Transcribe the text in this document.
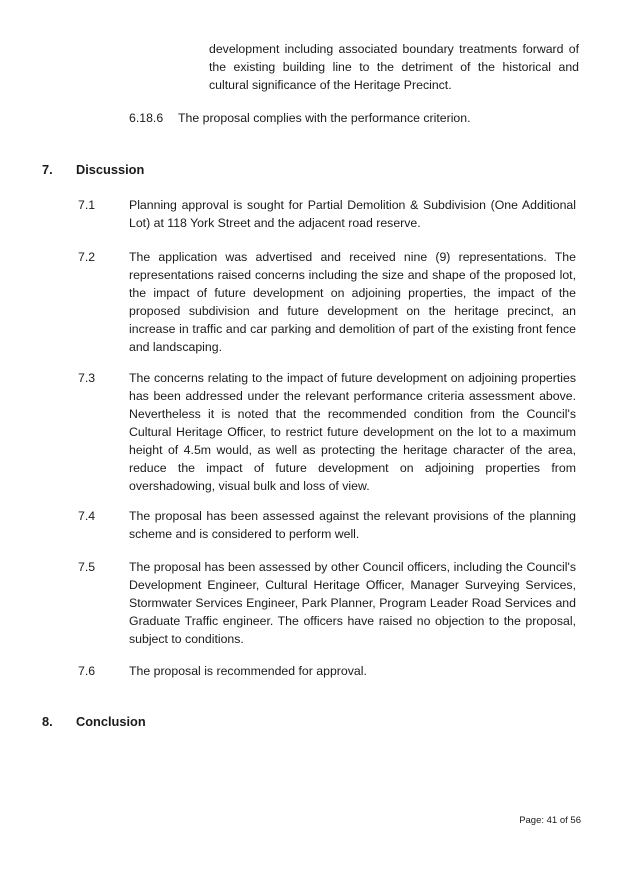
development including associated boundary treatments forward of the existing building line to the detriment of the historical and cultural significance of the Heritage Precinct.
6.18.6 The proposal complies with the performance criterion.
7. Discussion
7.1	Planning approval is sought for Partial Demolition & Subdivision (One Additional Lot) at 118 York Street and the adjacent road reserve.
7.2	The application was advertised and received nine (9) representations. The representations raised concerns including the size and shape of the proposed lot, the impact of future development on adjoining properties, the impact of the proposed subdivision and future development on the heritage precinct, an increase in traffic and car parking and demolition of part of the existing front fence and landscaping.
7.3	The concerns relating to the impact of future development on adjoining properties has been addressed under the relevant performance criteria assessment above. Nevertheless it is noted that the recommended condition from the Council's Cultural Heritage Officer, to restrict future development on the lot to a maximum height of 4.5m would, as well as protecting the heritage character of the area, reduce the impact of future development on adjoining properties from overshadowing, visual bulk and loss of view.
7.4	The proposal has been assessed against the relevant provisions of the planning scheme and is considered to perform well.
7.5	The proposal has been assessed by other Council officers, including the Council's Development Engineer, Cultural Heritage Officer, Manager Surveying Services, Stormwater Services Engineer, Park Planner, Program Leader Road Services and Graduate Traffic engineer. The officers have raised no objection to the proposal, subject to conditions.
7.6	The proposal is recommended for approval.
8. Conclusion
Page: 41 of 56
